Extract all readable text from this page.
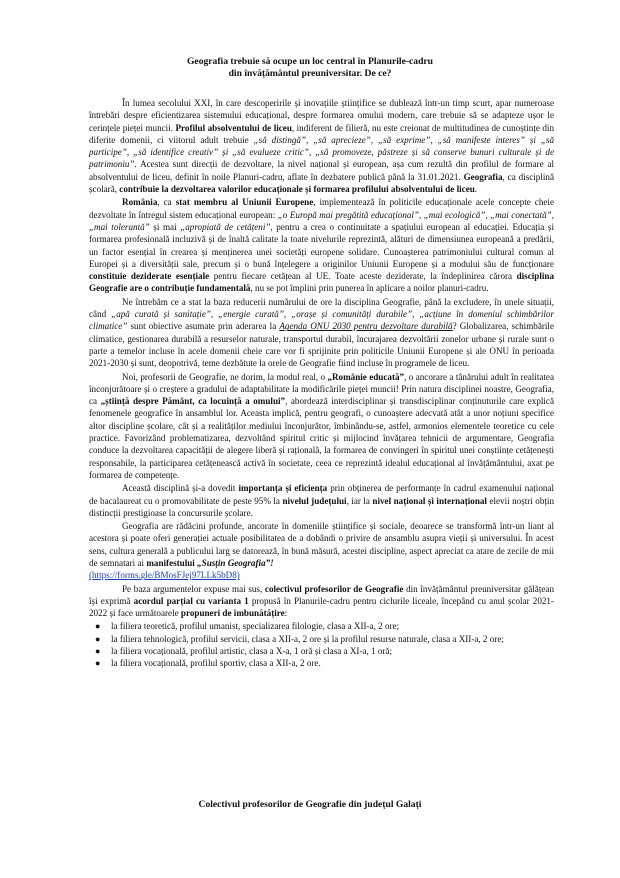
Geografia trebuie să ocupe un loc central în Planurile-cadru
din învățământul preuniversitar. De ce?

În lumea secolului XXI, în care descoperirile și inovațiile științifice se dublează într-un timp scurt, apar numeroase întrebări despre eficientizarea sistemului educațional, despre formarea omului modern, care trebuie să se adapteze ușor le cerințele pieței muncii. Profilul absolventului de liceu, indiferent de filieră, nu este creionat de multitudinea de cunoștințe din diferite domenii, ci viitorul adult trebuie „să distingă”, „să aprecieze”, „să exprime”, „să manifeste interes” și „să participe”, „să identifice creativ” și „să evalueze critic”, „să promoveze, păstreze și să conserve bunuri culturale și de patrimoniu”. Acestea sunt direcții de dezvoltare, la nivel național și european, așa cum rezultă din profilul de formare al absolventului de liceu, definit în noile Planuri-cadru, aflate în dezbatere publică până la 31.01.2021. Geografia, ca disciplină școlară, contribuie la dezvoltarea valorilor educaționale și formarea profilului absolventului de liceu.

România, ca stat membru al Uniunii Europene, implementează în politicile educaționale acele concepte cheie dezvoltate în întregul sistem educațional european: „o Europă mai pregătită educațional”, „mai ecologică”, „mai conectată”, „mai tolerantă” și mai „apropiată de cetățeni”, pentru a crea o continuitate a spațiului european al educației. Educația și formarea profesională incluzivă și de înaltă calitate la toate nivelurile reprezintă, alături de dimensiunea europeană a predării, un factor esențial în crearea și menținerea unei societăți europene solidare. Cunoașterea patrimoniului cultural comun al Europei și a diversității sale, precum și o bună înțelegere a originilor Uniunii Europene și a modului său de funcționare constituie deziderate esențiale pentru fiecare cetățean al UE. Toate aceste deziderate, la îndeplinirea cărora disciplina Geografie are o contribuție fundamentală, nu se pot împlini prin punerea în aplicare a noilor planuri-cadru.

Ne întrebăm ce a stat la baza reducerii numărului de ore la disciplina Geografie, până la excludere, în unele situații, când „apă curată și sanitație”, „energie curată”, „orașe și comunități durabile”, „acțiune în domeniul schimbărilor climatice” sunt obiective asumate prin aderarea la Agenda ONU 2030 pentru dezvoltare durabilă? Globalizarea, schimbările climatice, gestionarea durabilă a resurselor naturale, transportul durabil, încurajarea dezvoltării zonelor urbane și rurale sunt o parte a temelor incluse în acele domenii cheie care vor fi sprijinite prin politicile Uniunii Europene și ale ONU în perioada 2021-2030 și sunt, deopotrivă, teme dezbătute la orele de Geografie fiind incluse în programele de liceu.

Noi, profesorii de Geografie, ne dorim, la modul real, o „Românie educată”, o ancorare a tânărului adult în realitatea înconjurătoare și o creștere a gradului de adaptabilitate la modificările pieței muncii! Prin natura disciplinei noastre, Geografia, ca „știință despre Pământ, ca locuință a omului”, abordează interdisciplinar și transdisciplinar conținuturile care explică fenomenele geografice în ansamblul lor. Aceasta implică, pentru geografi, o cunoaștere adecvată atât a unor noțiuni specifice altor discipline școlare, cât și a realităților mediului înconjurător, îmbinându-se, astfel, armonios elementele teoretice cu cele practice. Favorizând problematizarea, dezvoltând spiritul critic și mijlocind învățarea tehnicii de argumentare, Geografia conduce la dezvoltarea capacității de alegere liberă și rațională, la formarea de convingeri în spiritul unei conștiințe cetățenești responsabile, la participarea cetățenească activă în societate, ceea ce reprezintă idealul educațional al învățământului, axat pe formarea de competențe.

Această disciplină și-a dovedit importanța și eficiența prin obținerea de performanțe în cadrul examenului național de bacalaureat cu o promovabilitate de peste 95% la nivelul județului, iar la nivel național și internațional elevii noștri obțin distincții prestigioase la concursurile școlare.

Geografia are rădăcini profunde, ancorate în domeniile științifice și sociale, deoarece se transformă într-un liant al acestora și poate oferi generației actuale posibilitatea de a dobândi o privire de ansamblu asupra vieții și universului. În acest sens, cultura generală a publicului larg se datorează, în bună măsură, acestei discipline, aspect apreciat ca atare de zecile de mii de semnatari ai manifestului „Susțin Geografia”!
(https://forms.gle/BMosFJej97LLk5bD8)

Pe baza argumentelor expuse mai sus, colectivul profesorilor de Geografie din învățământul preuniversitar gălățean își exprimă acordul parțial cu varianta 1 propusă în Planurile-cadru pentru ciclurile liceale, începând cu anul școlar 2021-2022 și face următoarele propuneri de îmbunătățire:

● la filiera teoretică, profilul umanist, specializarea filologie, clasa a XII-a, 2 ore;
● la filiera tehnologică, profilul servicii, clasa a XII-a, 2 ore și la profilul resurse naturale, clasa a XII-a, 2 ore;
● la filiera vocațională, profilul artistic, clasa a X-a, 1 oră și clasa a XI-a, 1 oră;
● la filiera vocațională, profilul sportiv, clasa a XII-a, 2 ore.
Colectivul profesorilor de Geografie din județul Galați
